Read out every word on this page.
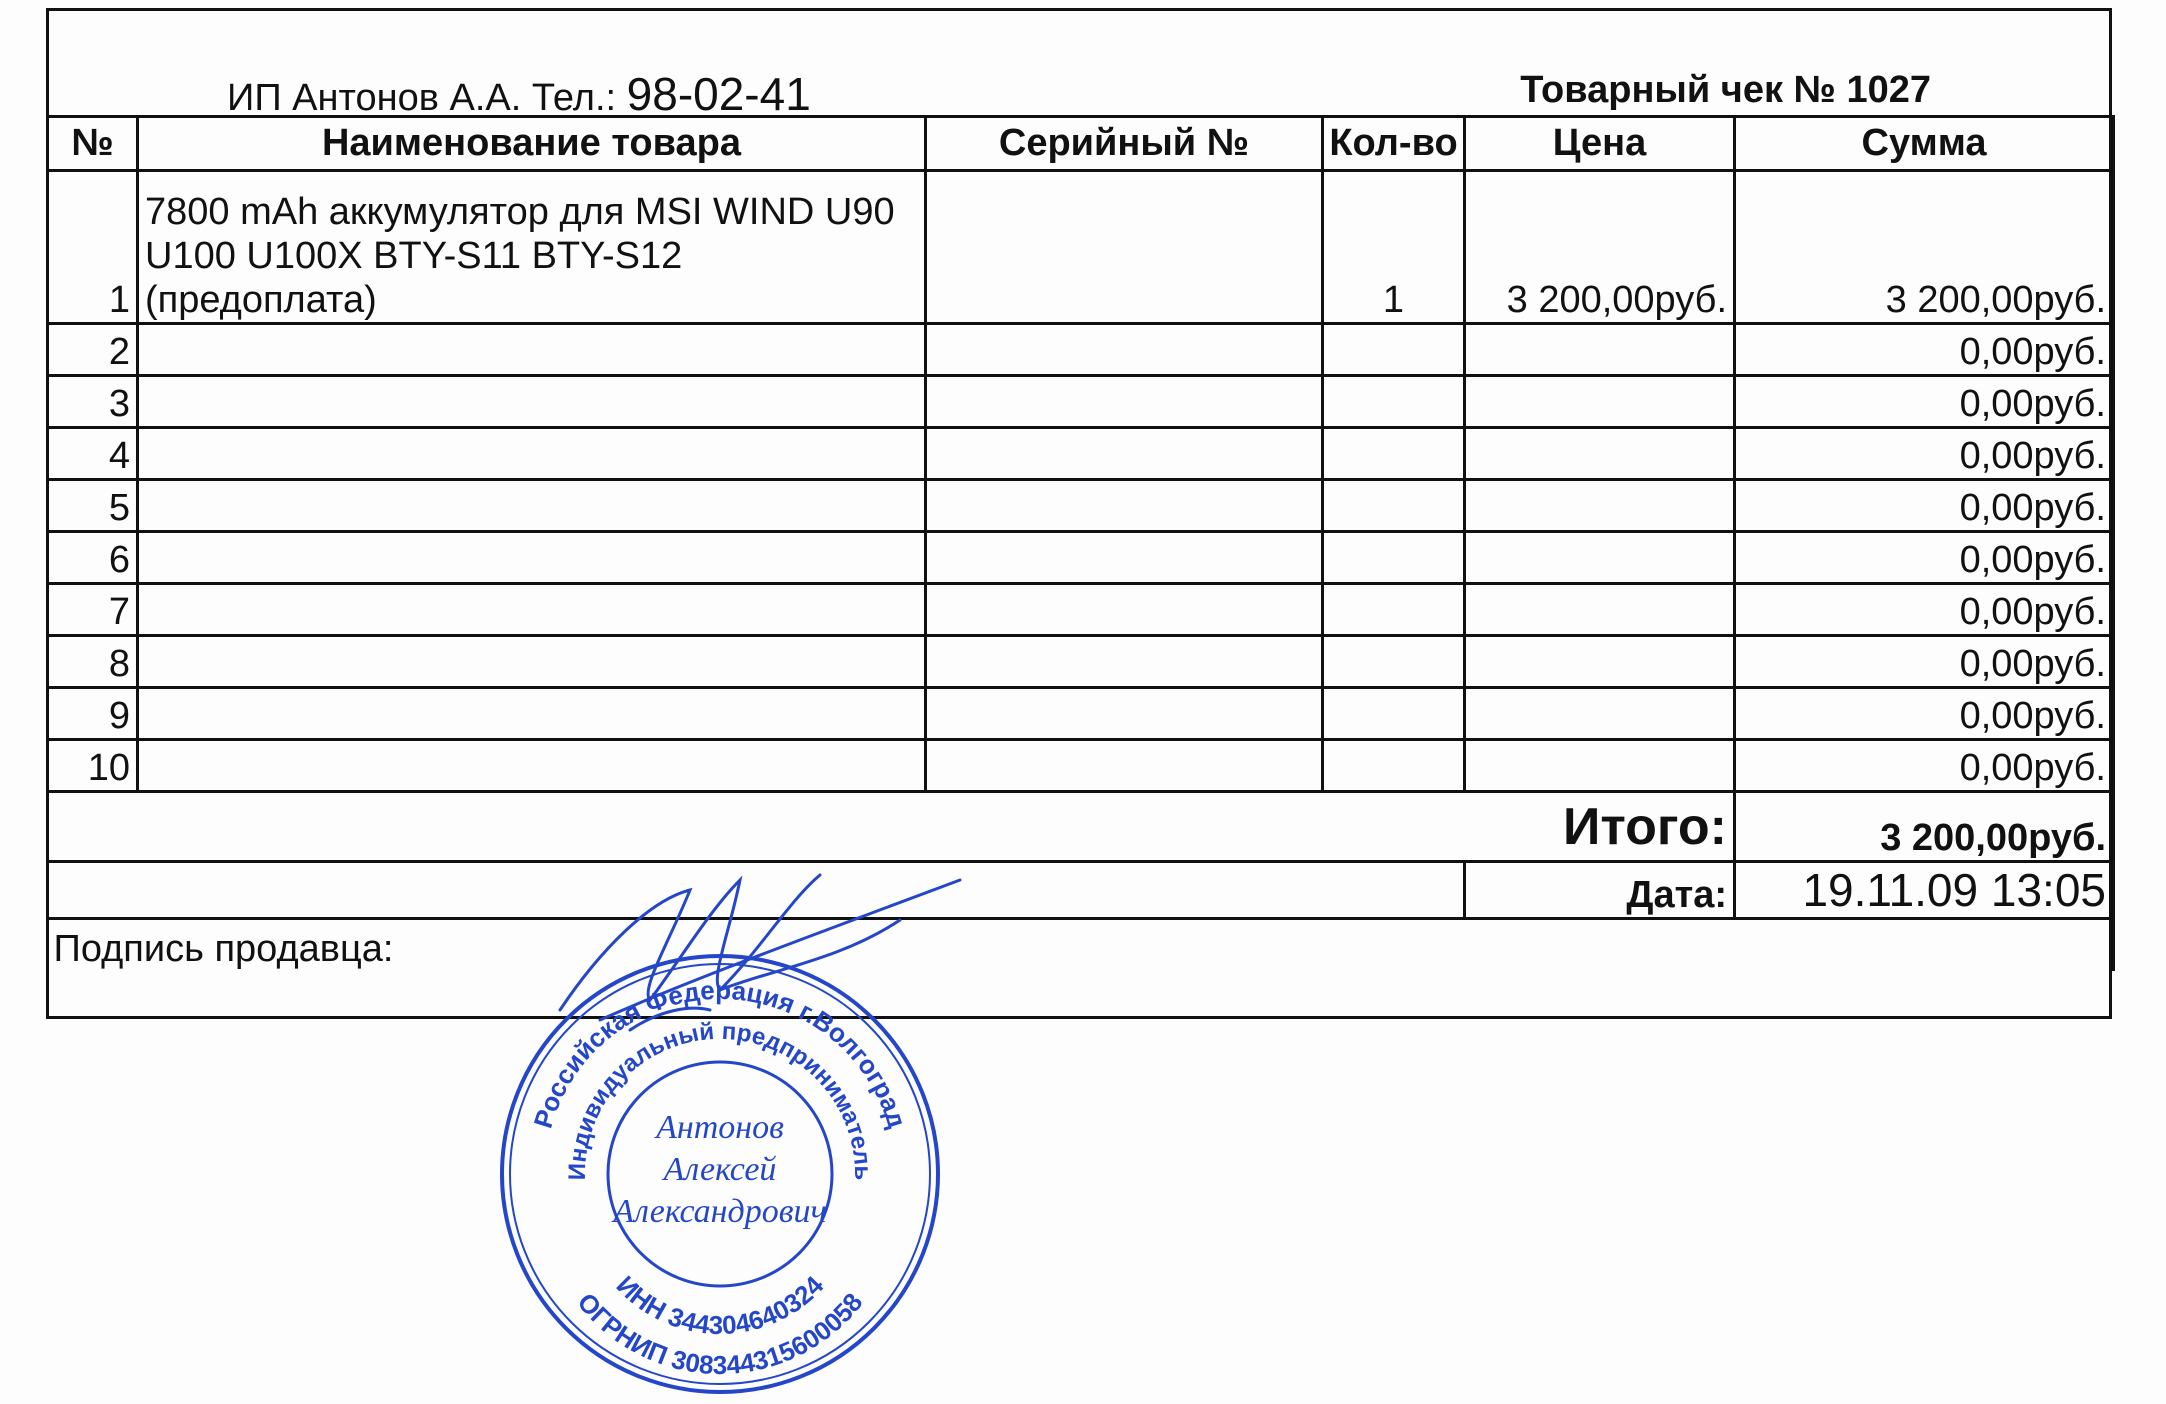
ИП Антонов А.А. Тел.: 98-02-41	Товарный чек № 1027
№	Наименование товара	Серийный №	Кол-во	Цена	Сумма
1	7800 mAh аккумулятор для MSI WIND U90 U100 U100X BTY-S11 BTY-S12 (предоплата)		1	3 200,00руб.	3 200,00руб.
2					0,00руб.
3					0,00руб.
4					0,00руб.
5					0,00руб.
6					0,00руб.
7					0,00руб.
8					0,00руб.
9					0,00руб.
10					0,00руб.
Итого:					3 200,00руб.
				Дата:	19.11.09 13:05
Подпись продавца:					
Российская Федерация г.Волгоград
Индивидуальный предприниматель
ИНН 344304640324
ОГРНИП 308344315600058
Антонов
Алексей
Александрович
